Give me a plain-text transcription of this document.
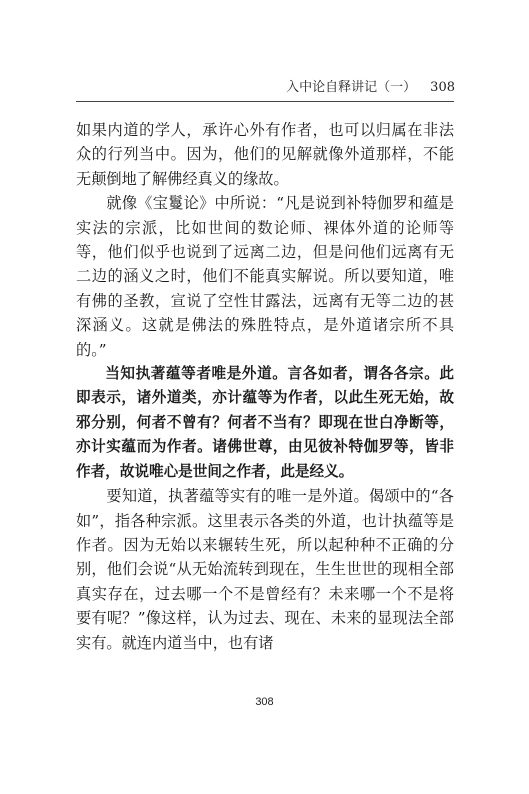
入中论自释讲记（一） 308

如果内道的学人，承许心外有作者，也可以归属在非法众的行列当中。因为，他们的见解就像外道那样，不能无颠倒地了解佛经真义的缘故。

就像《宝鬘论》中所说：“凡是说到补特伽罗和蕴是实法的宗派，比如世间的数论师、裸体外道的论师等等，他们似乎也说到了远离二边，但是问他们远离有无二边的涵义之时，他们不能真实解说。所以要知道，唯有佛的圣教，宣说了空性甘露法，远离有无等二边的甚深涵义。这就是佛法的殊胜特点，是外道诸宗所不具的。”

当知执著蕴等者唯是外道。言各如者，谓各各宗。此即表示，诸外道类，亦计蕴等为作者，以此生死无始，故邪分别，何者不曾有？何者不当有？即现在世白净断等，亦计实蕴而为作者。诸佛世尊，由见彼补特伽罗等，皆非作者，故说唯心是世间之作者，此是经义。

要知道，执著蕴等实有的唯一是外道。偈颂中的“各如”，指各种宗派。这里表示各类的外道，也计执蕴等是作者。因为无始以来辗转生死，所以起种种不正确的分别，他们会说“从无始流转到现在，生生世世的现相全部真实存在，过去哪一个不是曾经有？未来哪一个不是将要有呢？”像这样，认为过去、现在、未来的显现法全部实有。就连内道当中，也有诸

308
